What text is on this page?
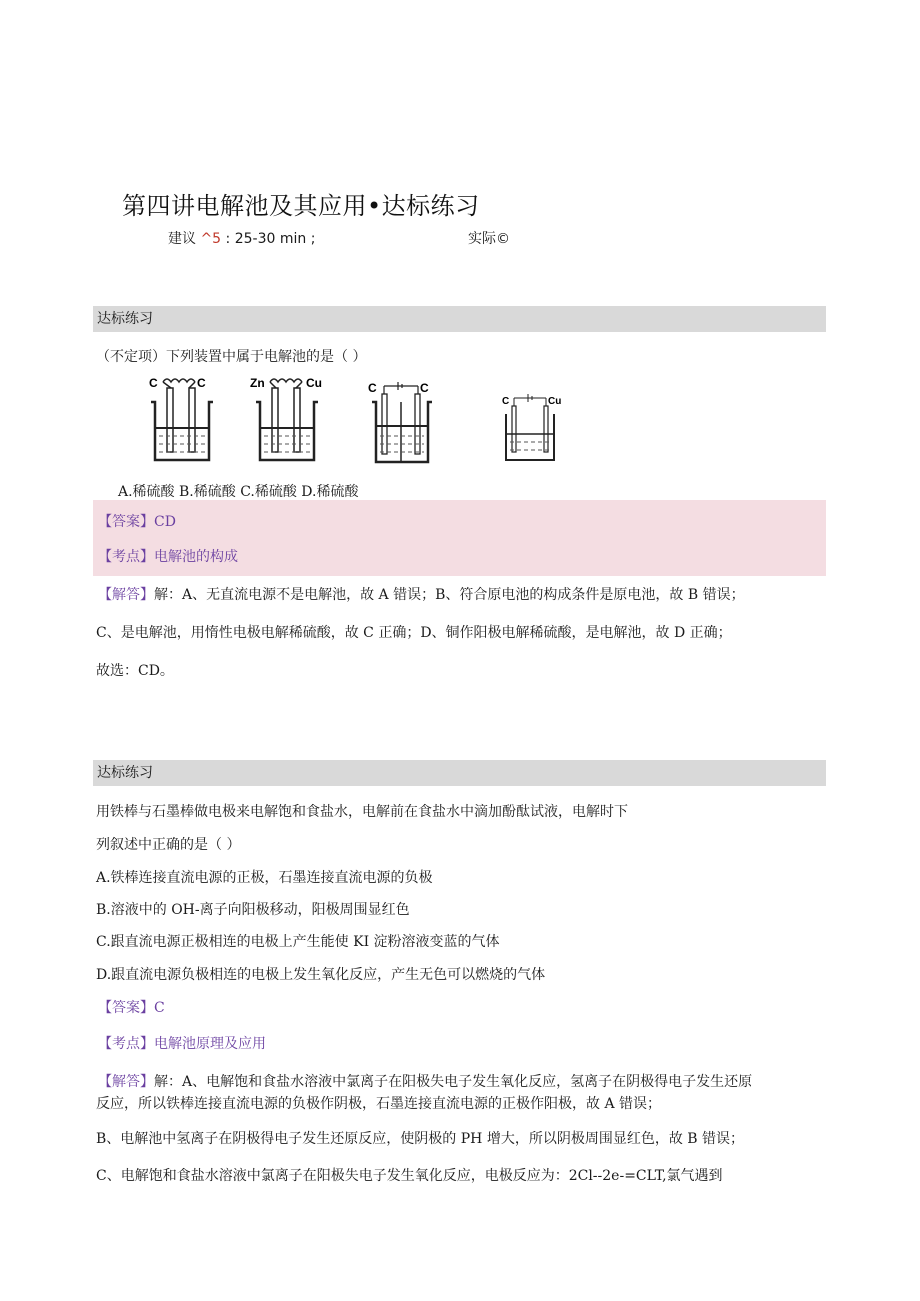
第四讲电解池及其应用•达标练习
建议 ^5 : 25-30 min ;	实际©
达标练习
（不定项）下列装置中属于电解池的是（ ）
C	C	Zn	Cu	C	C
C	Cu
A.稀硫酸 B.稀硫酸 C.稀硫酸 D.稀硫酸
【答案】CD
【考点】电解池的构成
【解答】解：A、无直流电源不是电解池，故 A 错误；B、符合原电池的构成条件是原电池，故 B 错误；
C、是电解池，用惰性电极电解稀硫酸，故 C 正确；D、铜作阳极电解稀硫酸，是电解池，故 D 正确；
故选：CD。
达标练习
用铁棒与石墨棒做电极来电解饱和食盐水，电解前在食盐水中滴加酚酞试液，电解时下
列叙述中正确的是（ ）
A.铁棒连接直流电源的正极，石墨连接直流电源的负极
B.溶液中的 OH-离子向阳极移动，阳极周围显红色
C.跟直流电源正极相连的电极上产生能使 KI 淀粉溶液变蓝的气体
D.跟直流电源负极相连的电极上发生氧化反应，产生无色可以燃烧的气体
【答案】C
【考点】电解池原理及应用
【解答】解：A、电解饱和食盐水溶液中氯离子在阳极失电子发生氧化反应，氢离子在阴极得电子发生还原
反应，所以铁棒连接直流电源的负极作阴极，石墨连接直流电源的正极作阳极，故 A 错误；
B、电解池中氢离子在阴极得电子发生还原反应，使阴极的 PH 增大，所以阴极周围显红色，故 B 错误；
C、电解饱和食盐水溶液中氯离子在阳极失电子发生氧化反应，电极反应为：2Cl--2e-=CLT,氯气遇到
